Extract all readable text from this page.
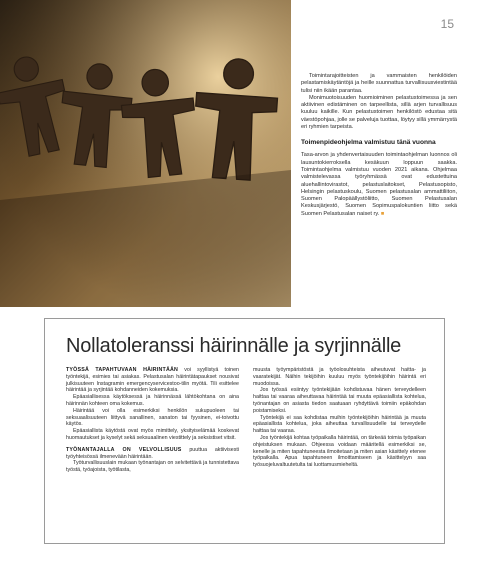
15

Toimintarajoitteisten ja vammaisten henkilöiden pelastamiskäytäntöjä ja heille suunnattua turvallisuusviestintää tulisi niin ikään parantaa.

Monimuotoisuuden huomioiminen pelastustoimessa ja sen aktiivinen edistäminen on tarpeellista, sillä arjen turvallisuus kuuluu kaikille. Kun pelastustoimen henkilöstö edustaa sitä väestöpohjaa, jolle se palveluja tuottaa, löytyy sillä ymmärrystä eri ryhmien tarpeista.

Toimenpideohjelma valmistuu tänä vuonna

Tasa-arvon ja yhdenvertaisuuden toimintaohjelman luonnos oli lausuntokierroksella kesäkuun loppuun saakka. Toimintaohjelma valmistuu vuoden 2021 aikana. Ohjelmaa valmistelevassa työryhmässä ovat edustettuina aluehallintovirastot, pelastuslaitokset, Pelastusopisto, Helsingin pelastuskoulu, Suomen pelastusalan ammattiliiton, Suomen Palopäällystöliitto, Suomen Pelastusalan Keskusjärjestö, Suomen Sopimuspalokuntien liitto sekä Suomen Pelastusalan naiset ry. ■

Nollatoleranssi häirinnälle ja syrjinnälle

TYÖSSÄ TAPAHTUVAAN HÄIRINTÄÄN voi syyllistyä toinen työntekijä, esimies tai asiakas. Pelastusalan häirintätapaukset nousivat julkisuuteen Instagramin emergencyservicestoo-tilin myötä. Tili esittelee häirintää ja syrjintää kohdanneiden kokemuksia.

Epäasiallisessa käytöksessä ja häirinnässä lähtökohtana on aina häirinnän kohteen oma kokemus.

Häirintää voi olla esimerkiksi henkilön sukupuoleen tai seksuaalisuuteen liittyvä sanallinen, sanaton tai fyysinen, ei-toivottu käytös.

Epäasiallista käytöstä ovat myös mimittely, yksityiselämää koskevat huomautukset ja kyselyt sekä seksuaalinen viestittely ja seksistiset vitsit.

TYÖNANTAJALLA ON VELVOLLISUUS puuttua aktiivisesti työyhteisössä ilmenevään häirintään.

Työturvallisuuslain mukaan työnantajan on selvitettävä ja tunnistettava työstä, työajoista, työtilasta,

muusta työympäristöstä ja työolosuhteista aiheutuvat haitta- ja vaaratekijät. Näihin tekijöihin kuuluu myös työntekijöihin häirintä eri muodoissa.

Jos työssä esiintyy työntekijään kohdistuvaa hänen terveydelleen haittaa tai vaaraa aiheuttavaa häirintää tai muuta epäasiallista kohtelua, työnantajan on asiasta tiedon saatuaan ryhdyttävä toimiin epäkohdan poistamiseksi.

Työntekijä ei saa kohdistaa muihin työntekijöihin häirintää ja muuta epäasiallista kohtelua, joka aiheuttaa turvallisuudelle tai terveydelle haittaa tai vaaraa.

Jos työntekijä kohtaa työpaikalla häirintää, on tärkeää toimia työpaikan ohjeistuksen mukaan. Ohjeessa voidaan määritellä esimerkiksi se, kenelle ja miten tapahtuneesta ilmoitetaan ja miten asian käsittely etenee työpaikalla. Apua tapahtuneen ilmoittamiseen ja käsittelyyn saa työsuojeluvaltuutetulta tai luottamusmieheltä.
